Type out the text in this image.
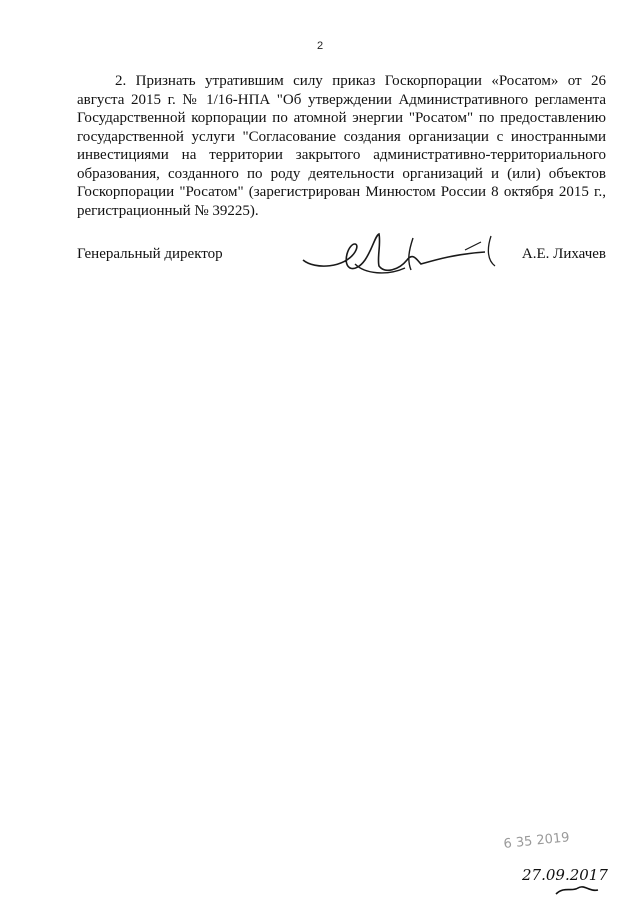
2
2. Признать утратившим силу приказ Госкорпорации «Росатом» от 26 августа 2015 г. № 1/16-НПА "Об утверждении Административного регламента Государственной корпорации по атомной энергии "Росатом" по предоставлению государственной услуги "Согласование создания организации с иностранными инвестициями на территории закрытого административно-территориального образования, созданного по роду деятельности организаций и (или) объектов Госкорпорации "Росатом" (зарегистрирован Минюстом России 8 октября 2015 г., регистрационный № 39225).
Генеральный директор	А.Е. Лихачев
6 35 2019
27.09.2017
